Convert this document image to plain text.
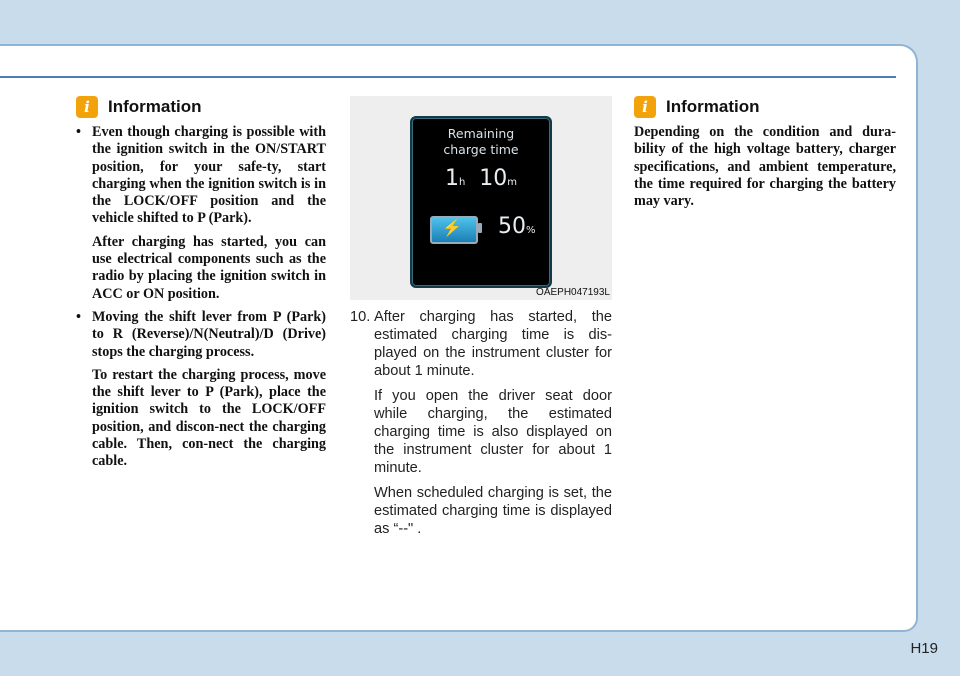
i Information
• Even though charging is possible with the ignition switch in the ON/START position, for your safe-ty, start charging when the ignition switch is in the LOCK/OFF position and the vehicle shifted to P (Park).

After charging has started, you can use electrical components such as the radio by placing the ignition switch in ACC or ON position.

• Moving the shift lever from P (Park) to R (Reverse)/N(Neutral)/D (Drive) stops the charging process.

To restart the charging process, move the shift lever to P (Park), place the ignition switch to the LOCK/OFF position, and discon-nect the charging cable. Then, con-nect the charging cable.

Remaining
charge time
1h 10m
⚡ 50%
OAEPH047193L
10. After charging has started, the estimated charging time is dis-played on the instrument cluster for about 1 minute.

If you open the driver seat door while charging, the estimated charging time is also displayed on the instrument cluster for about 1 minute.

When scheduled charging is set, the estimated charging time is displayed as “--" .

i Information

Depending on the condition and dura-bility of the high voltage battery, charger specifications, and ambient temperature, the time required for charging the battery may vary.

H19
